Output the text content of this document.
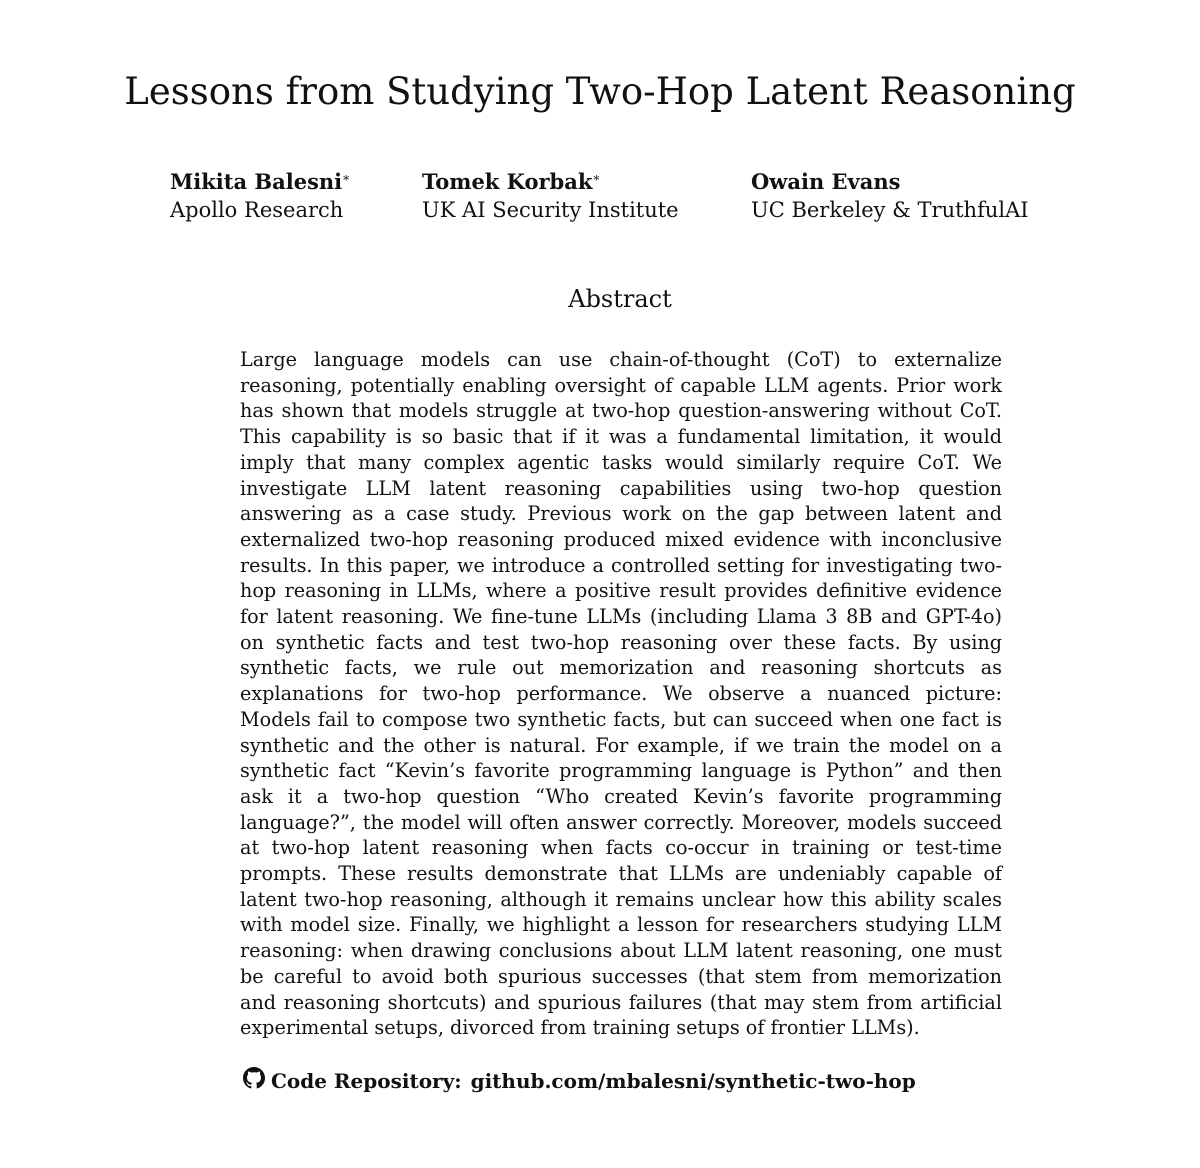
Lessons from Studying Two-Hop Latent Reasoning
Mikita Balesni*
Apollo Research
Tomek Korbak*
UK AI Security Institute
Owain Evans
UC Berkeley & TruthfulAI
Abstract

Large language models can use chain-of-thought (CoT) to externalize reasoning, potentially enabling oversight of capable LLM agents. Prior work has shown that models struggle at two-hop question-answering without CoT. This capability is so basic that if it was a fundamental limitation, it would imply that many complex agentic tasks would similarly require CoT. We investigate LLM latent reasoning capabilities using two-hop question answering as a case study. Previous work on the gap between latent and externalized two-hop reasoning produced mixed evidence with inconclusive results. In this paper, we introduce a controlled setting for investigating two-hop reasoning in LLMs, where a positive result provides definitive evidence for latent reasoning. We fine-tune LLMs (including Llama 3 8B and GPT-4o) on synthetic facts and test two-hop reasoning over these facts. By using synthetic facts, we rule out memorization and reasoning shortcuts as explanations for two-hop performance. We observe a nuanced picture: Models fail to compose two synthetic facts, but can succeed when one fact is synthetic and the other is natural. For example, if we train the model on a synthetic fact “Kevin’s favorite programming language is Python” and then ask it a two-hop question “Who created Kevin’s favorite programming language?”, the model will often answer correctly. Moreover, models succeed at two-hop latent reasoning when facts co-occur in training or test-time prompts. These results demonstrate that LLMs are undeniably capable of latent two-hop reasoning, although it remains unclear how this ability scales with model size. Finally, we highlight a lesson for researchers studying LLM reasoning: when drawing conclusions about LLM latent reasoning, one must be careful to avoid both spurious successes (that stem from memorization and reasoning shortcuts) and spurious failures (that may stem from artificial experimental setups, divorced from training setups of frontier LLMs).

Code Repository: github.com/mbalesni/synthetic-two-hop
